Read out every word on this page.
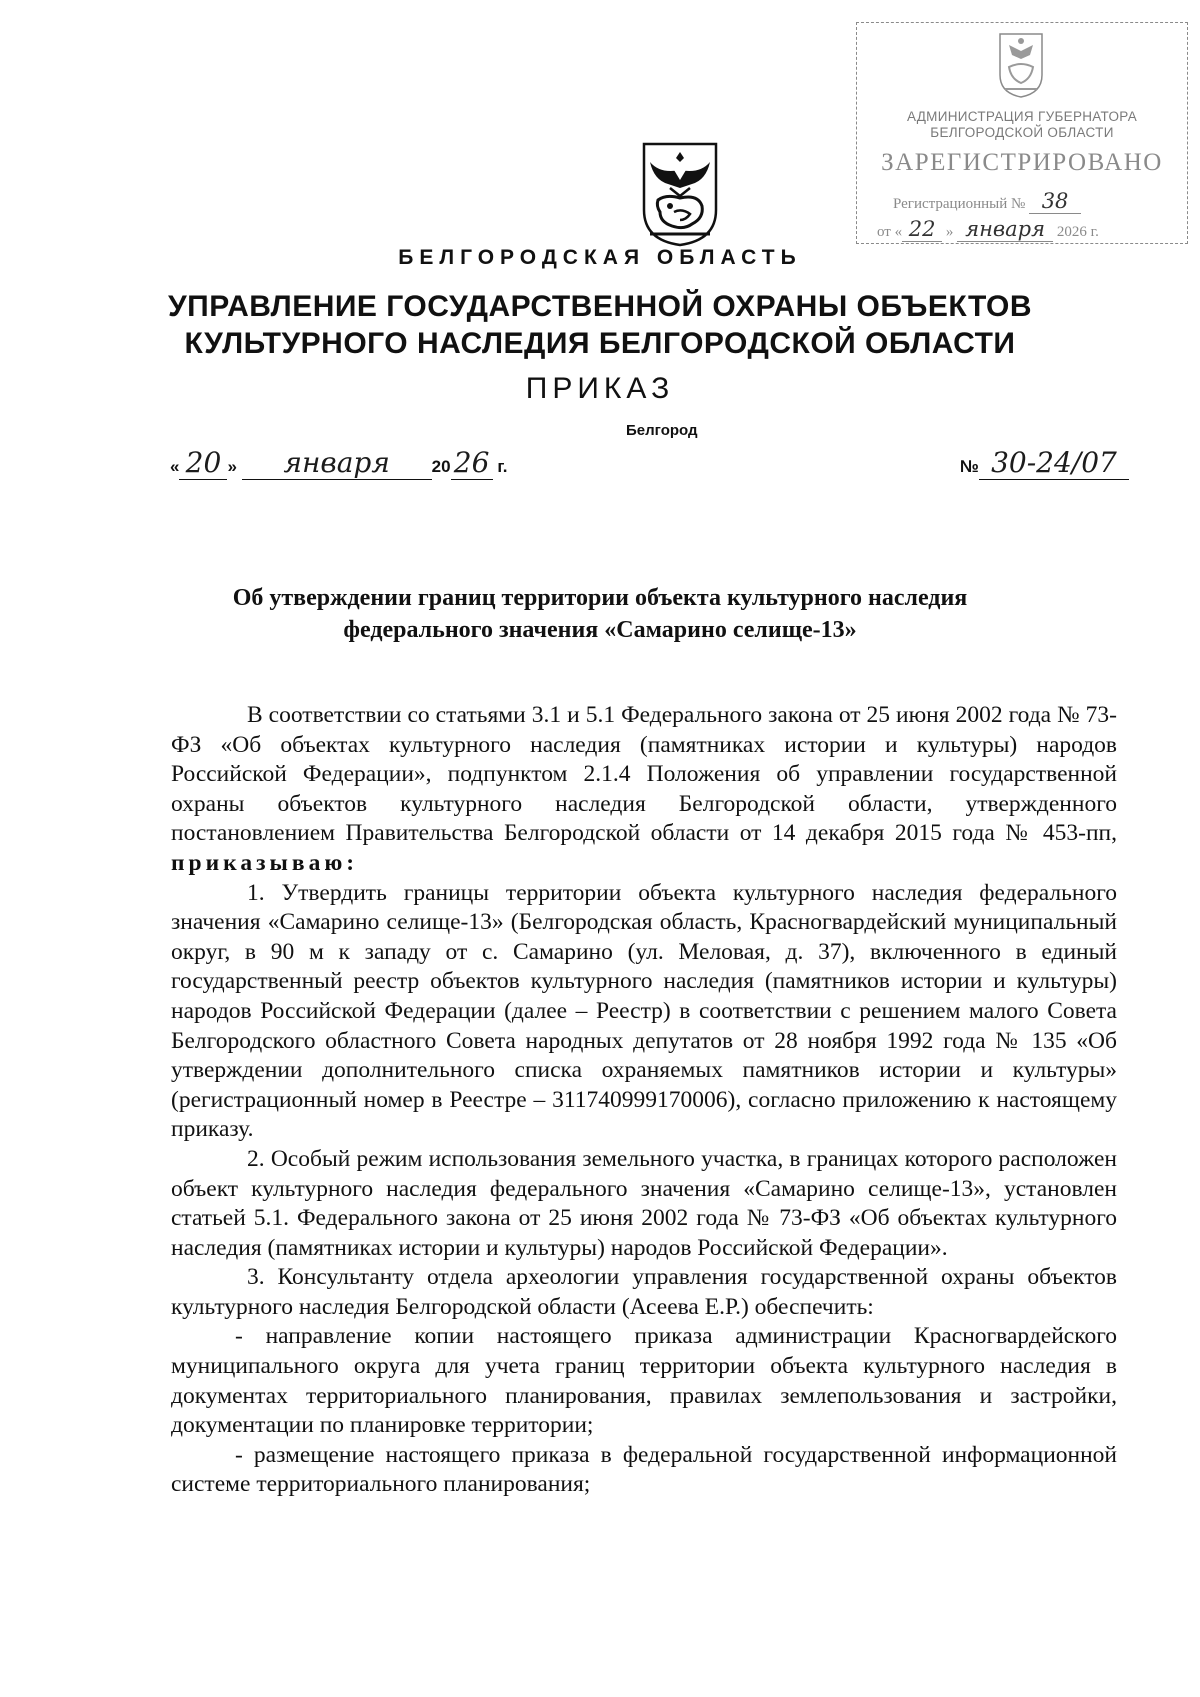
АДМИНИСТРАЦИЯ ГУБЕРНАТОРА
БЕЛГОРОДСКОЙ ОБЛАСТИ
ЗАРЕГИСТРИРОВАНО
Регистрационный № 38
от « 22 » января 2026 г.
БЕЛГОРОДСКАЯ ОБЛАСТЬ
УПРАВЛЕНИЕ ГОСУДАРСТВЕННОЙ ОХРАНЫ ОБЪЕКТОВ
КУЛЬТУРНОГО НАСЛЕДИЯ БЕЛГОРОДСКОЙ ОБЛАСТИ
ПРИКАЗ
Белгород
« 20 » января 20 26 г.	№ 30-24/07
Об утверждении границ территории объекта культурного наследия
федерального значения «Самарино селище-13»

В соответствии со статьями 3.1 и 5.1 Федерального закона от 25 июня 2002 года № 73-ФЗ «Об объектах культурного наследия (памятниках истории и культуры) народов Российской Федерации», подпунктом 2.1.4 Положения об управлении государственной охраны объектов культурного наследия Белгородской области, утвержденного постановлением Правительства Белгородской области от 14 декабря 2015 года № 453-пп, приказываю:

1. Утвердить границы территории объекта культурного наследия федерального значения «Самарино селище-13» (Белгородская область, Красногвардейский муниципальный округ, в 90 м к западу от с. Самарино (ул. Меловая, д. 37), включенного в единый государственный реестр объектов культурного наследия (памятников истории и культуры) народов Российской Федерации (далее – Реестр) в соответствии с решением малого Совета Белгородского областного Совета народных депутатов от 28 ноября 1992 года № 135 «Об утверждении дополнительного списка охраняемых памятников истории и культуры» (регистрационный номер в Реестре – 311740999170006), согласно приложению к настоящему приказу.

2. Особый режим использования земельного участка, в границах которого расположен объект культурного наследия федерального значения «Самарино селище-13», установлен статьей 5.1. Федерального закона от 25 июня 2002 года № 73-ФЗ «Об объектах культурного наследия (памятниках истории и культуры) народов Российской Федерации».

3. Консультанту отдела археологии управления государственной охраны объектов культурного наследия Белгородской области (Асеева Е.Р.) обеспечить:

- направление копии настоящего приказа администрации Красногвардейского муниципального округа для учета границ территории объекта культурного наследия в документах территориального планирования, правилах землепользования и застройки, документации по планировке территории;

- размещение настоящего приказа в федеральной государственной информационной системе территориального планирования;
